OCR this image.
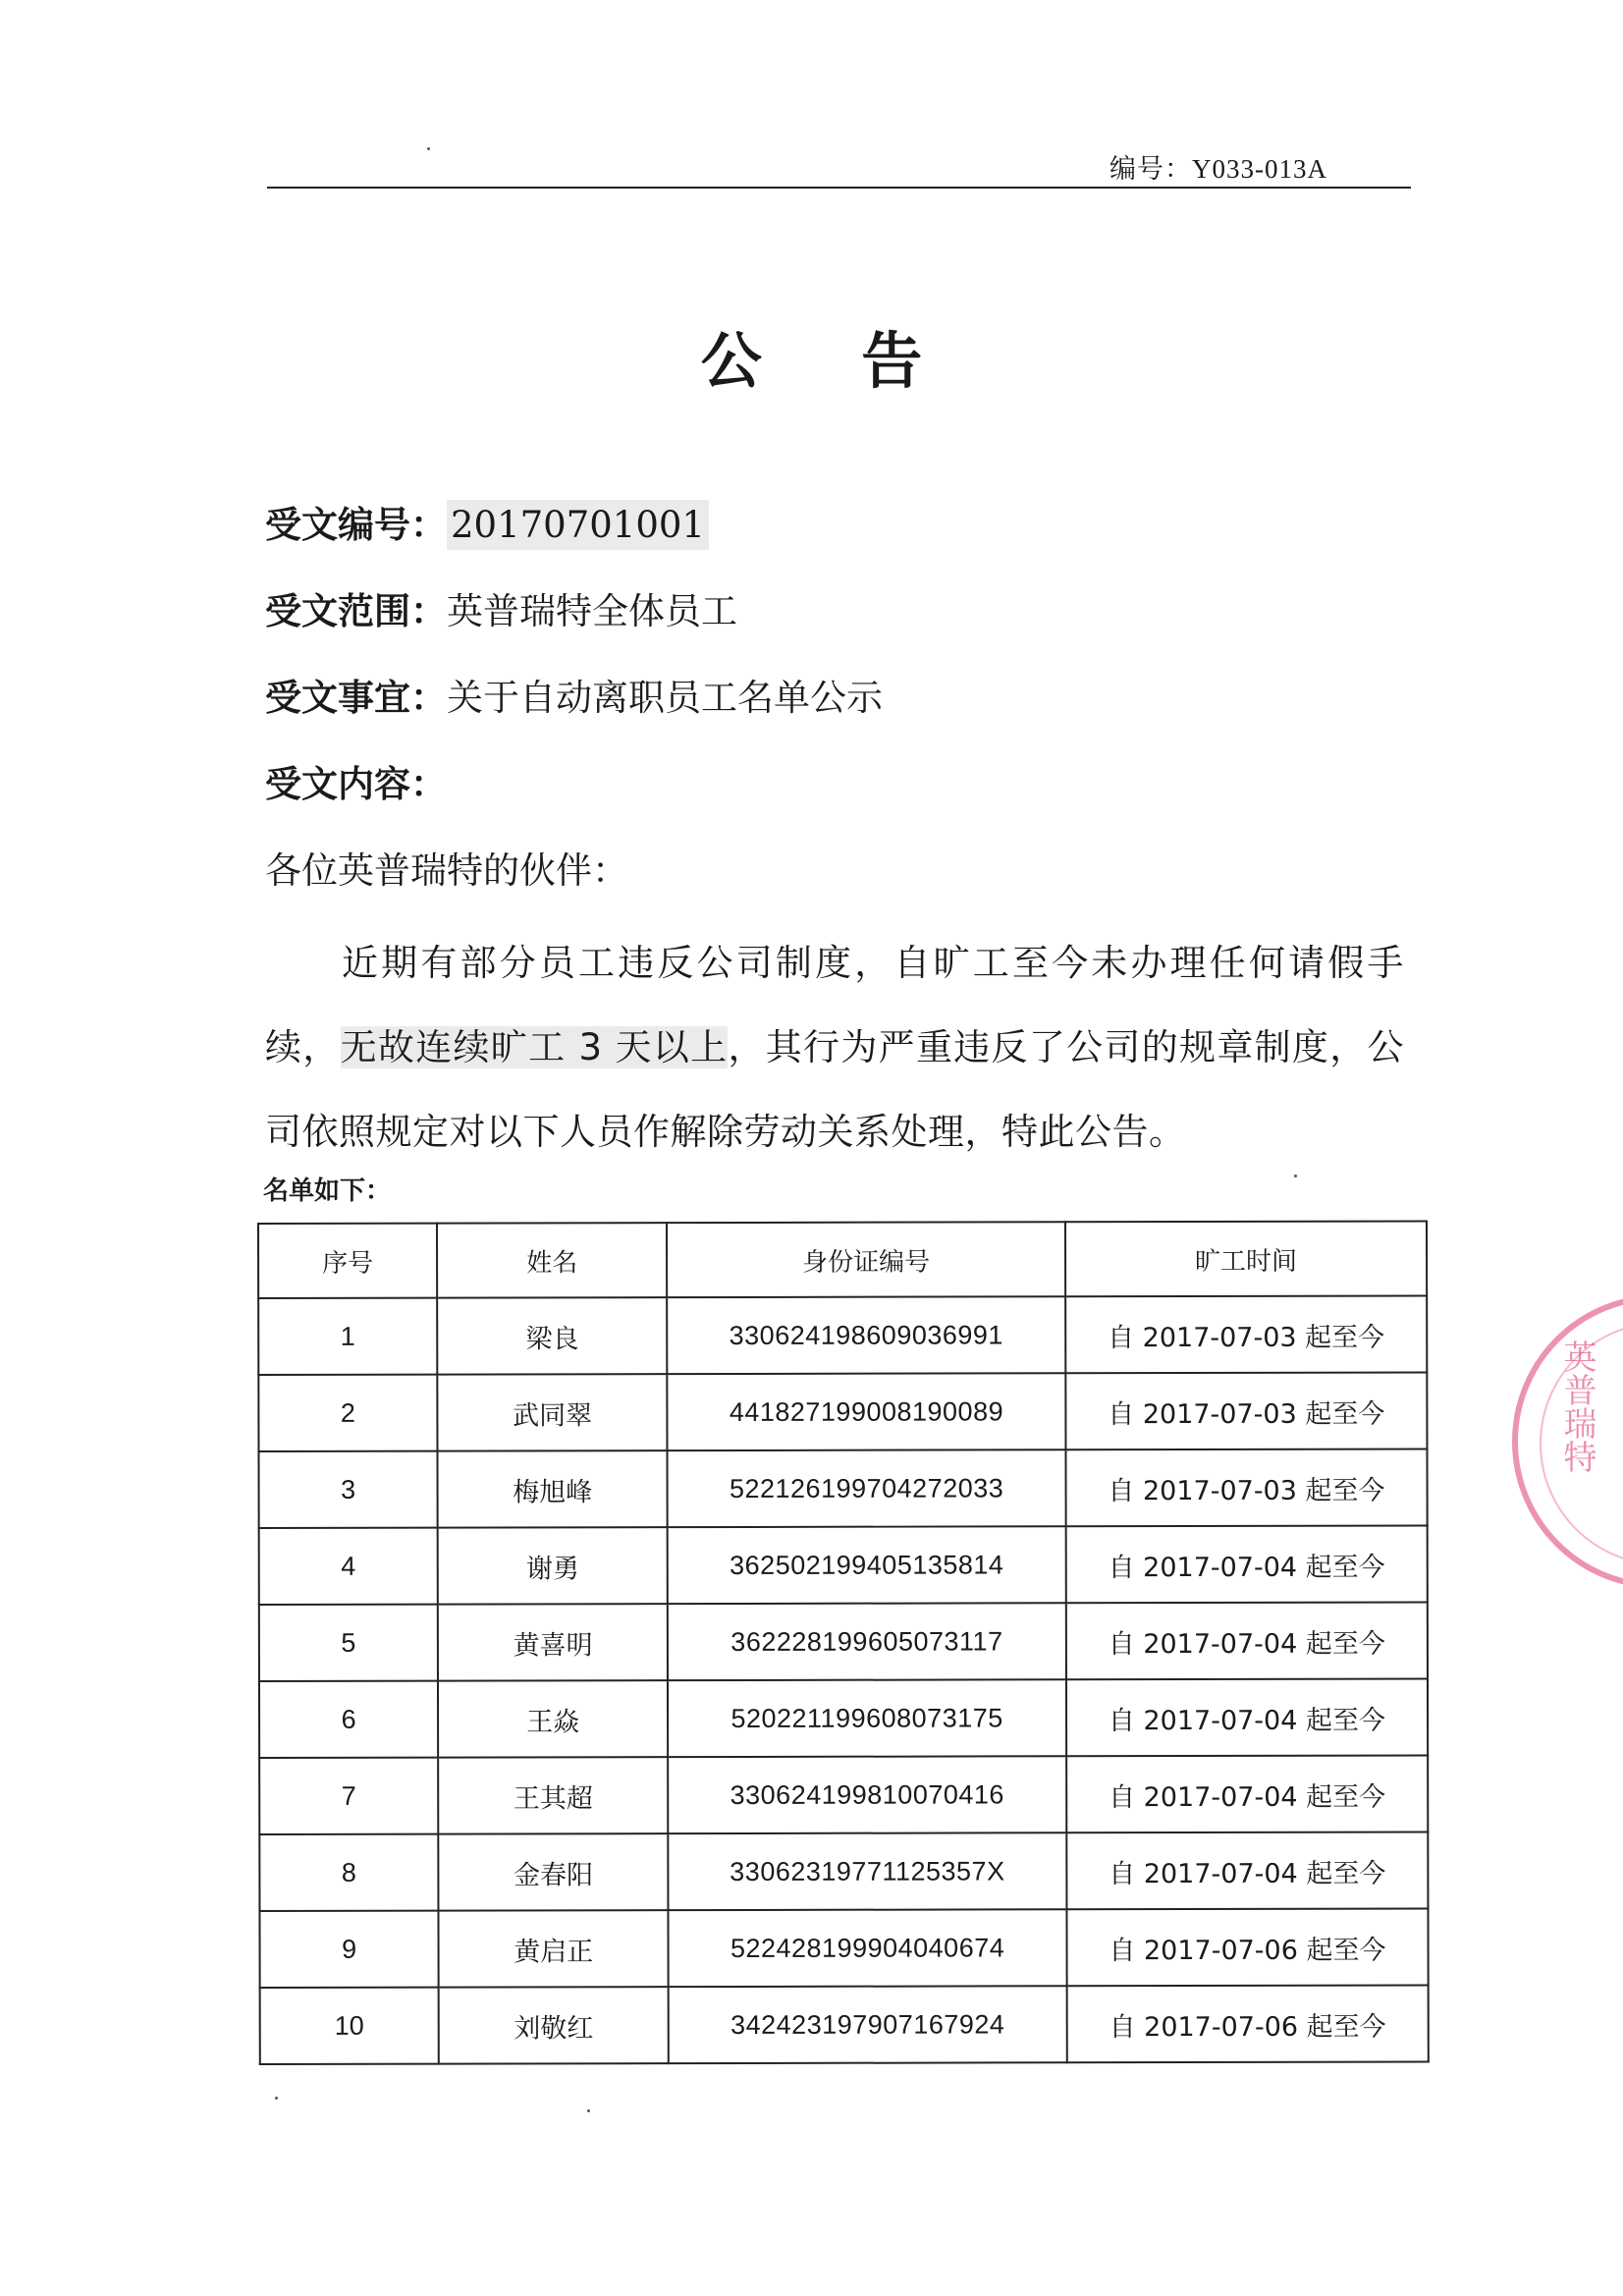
编号：Y033-013A
公 告
受文编号： 20170701001
受文范围：英普瑞特全体员工
受文事宜：关于自动离职员工名单公示
受文内容：
各位英普瑞特的伙伴：
近期有部分员工违反公司制度，自旷工至今未办理任何请假手续，无故连续旷工 3 天以上，其行为严重违反了公司的规章制度，公司依照规定对以下人员作解除劳动关系处理，特此公告。
名单如下：
序号	姓名	身份证编号	旷工时间
1	梁良	330624198609036991	自 2017-07-03 起至今
2	武同翠	441827199008190089	自 2017-07-03 起至今
3	梅旭峰	522126199704272033	自 2017-07-03 起至今
4	谢勇	362502199405135814	自 2017-07-04 起至今
5	黄喜明	362228199605073117	自 2017-07-04 起至今
6	王焱	520221199608073175	自 2017-07-04 起至今
7	王其超	330624199810070416	自 2017-07-04 起至今
8	金春阳	33062319771125357X	自 2017-07-04 起至今
9	黄启正	522428199904040674	自 2017-07-06 起至今
10	刘敬红	342423197907167924	自 2017-07-06 起至今
英普瑞特
